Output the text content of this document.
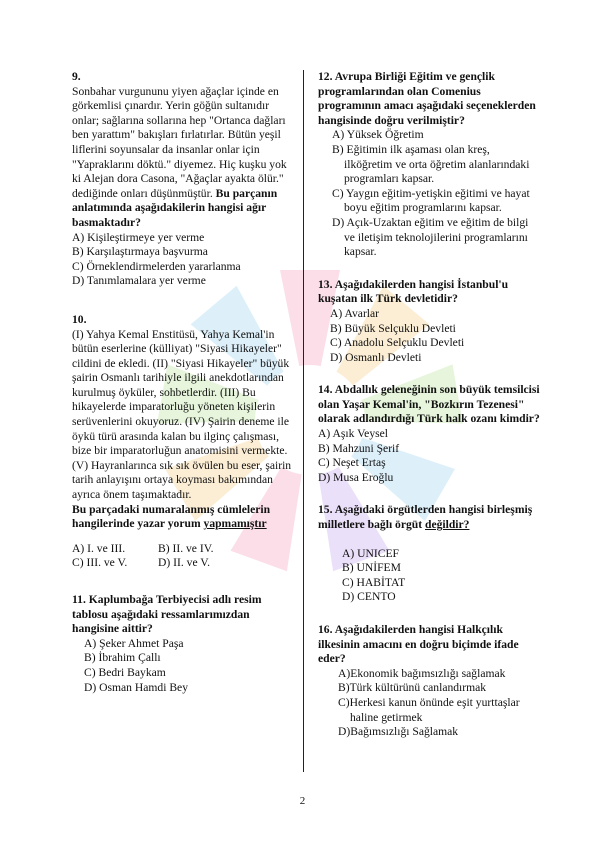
9.

Sonbahar vurgununu yiyen ağaçlar içinde en görkemlisi çınardır. Yerin göğün sultanıdır onlar; sağlarına sollarına hep "Ortanca dağları ben yarattım" bakışları fırlatırlar. Bütün yeşil liflerini soyunsalar da insanlar onlar için "Yapraklarını döktü." diyemez. Hiç kuşku yok ki Alejan dora Casona, "Ağaçlar ayakta ölür." dediğinde onları düşünmüştür. Bu parçanın anlatımında aşağıdakilerin hangisi ağır basmaktadır?
A) Kişileştirmeye yer verme
B) Karşılaştırmaya başvurma
C) Örneklendirmelerden yararlanma
D) Tanımlamalara yer verme
10.

(I) Yahya Kemal Enstitüsü, Yahya Kemal'in bütün eserlerine (külliyat) "Siyasi Hikayeler" cildini de ekledi. (II) "Siyasi Hikayeler" büyük şairin Osmanlı tarihiyle ilgili anekdotlarından kurulmuş öyküler, sohbetlerdir. (III) Bu hikayelerde imparatorluğu yöneten kişilerin serüvenlerini okuyoruz. (IV) Şairin deneme ile öykü türü arasında kalan bu ilginç çalışması, bize bir imparatorluğun anatomisini vermekte. (V) Hayranlarınca sık sık övülen bu eser, şairin tarih anlayışını ortaya koyması bakımından ayrıca önem taşımaktadır.

Bu parçadaki numaralanmış cümlelerin hangilerinde yazar yorum yapmamıştır

A) I. ve III.	B) II. ve IV.
C) III. ve V.	D) II. ve V.

11. Kaplumbağa Terbiyecisi adlı resim tablosu aşağıdaki ressamlarımızdan hangisine aittir?

A) Şeker Ahmet Paşa
B) İbrahim Çallı
C) Bedri Baykam
D) Osman Hamdi Bey

12. Avrupa Birliği Eğitim ve gençlik programlarından olan Comenius programının amacı aşağıdaki seçeneklerden hangisinde doğru verilmiştir?

A) Yüksek Öğretim
B) Eğitimin ilk aşaması olan kreş, ilköğretim ve orta öğretim alanlarındaki programları kapsar.
C) Yaygın eğitim-yetişkin eğitimi ve hayat boyu eğitim programlarını kapsar.
D) Açık-Uzaktan eğitim ve eğitim de bilgi ve iletişim teknolojilerini programlarını kapsar.

13. Aşağıdakilerden hangisi İstanbul'u kuşatan ilk Türk devletidir?

A) Avarlar
B) Büyük Selçuklu Devleti
C) Anadolu Selçuklu Devleti
D) Osmanlı Devleti

14. Abdallık geleneğinin son büyük temsilcisi olan Yaşar Kemal'in, "Bozkırın Tezenesi" olarak adlandırdığı Türk halk ozanı kimdir?

A) Aşık Veysel
B) Mahzuni Şerif
C) Neşet Ertaş
D) Musa Eroğlu

15. Aşağıdaki örgütlerden hangisi birleşmiş milletlere bağlı örgüt değildir?

A) UNICEF
B) UNİFEM
C) HABİTAT
D) CENTO

16. Aşağıdakilerden hangisi Halkçılık ilkesinin amacını en doğru biçimde ifade eder?

A)Ekonomik bağımsızlığı sağlamak
B)Türk kültürünü canlandırmak
C)Herkesi kanun önünde eşit yurttaşlar haline getirmek
D)Bağımsızlığı Sağlamak
2
